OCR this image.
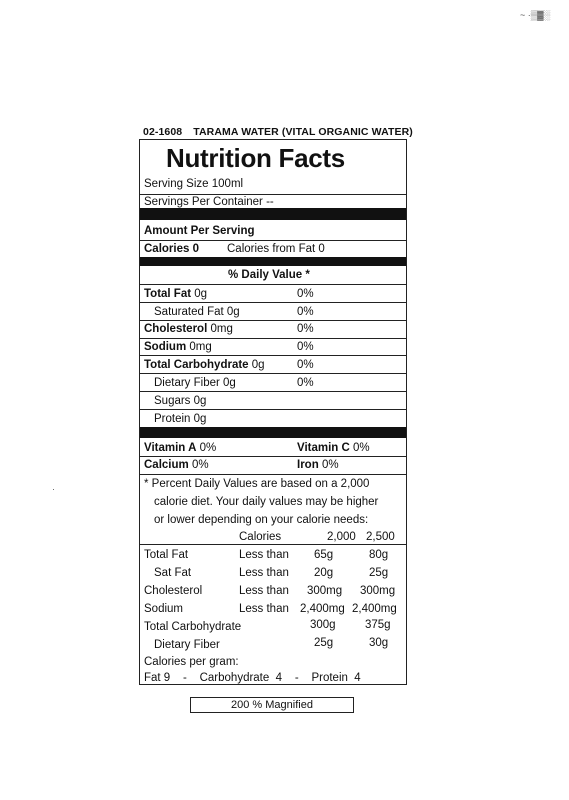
~ ·▒▓░
·
02-1608 TARAMA WATER (VITAL ORGANIC WATER)
Nutrition Facts
Serving Size 100ml
Servings Per Container --
Amount Per Serving
Calories 0 Calories from Fat 0
% Daily Value *
Total Fat 0g	0%
Saturated Fat 0g	0%
Cholesterol 0mg	0%
Sodium 0mg	0%
Total Carbohydrate 0g	0%
Dietary Fiber 0g	0%
Sugars 0g
Protein 0g
Vitamin A 0%	Vitamin C 0%
Calcium 0%	Iron 0%
* Percent Daily Values are based on a 2,000
calorie diet. Your daily values may be higher
or lower depending on your calorie needs:
Calories	2,000 2,500
Total Fat	Less than 65g	80g
Sat Fat	Less than 20g	25g
Cholesterol	Less than 300mg 300mg
Sodium	Less than 2,400mg 2,400mg
Total Carbohydrate	300g	375g
Dietary Fiber	25g	30g
Calories per gram:
Fat 9    -    Carbohydrate  4    -    Protein  4
200 % Magnified
